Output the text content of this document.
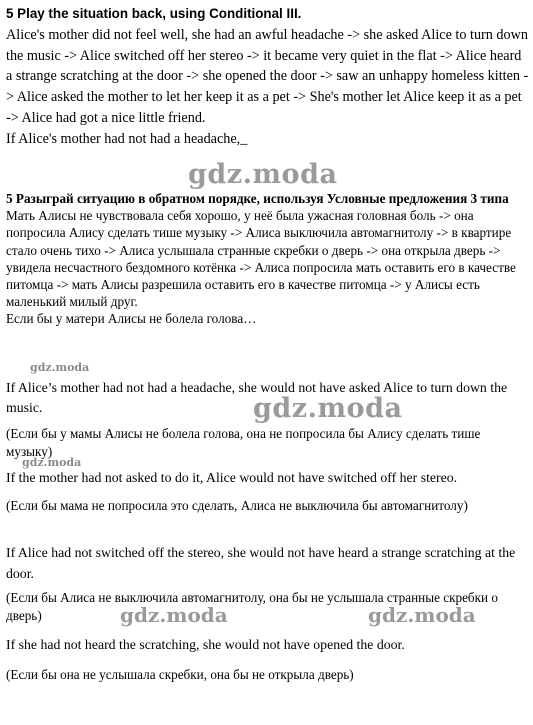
5 Play the situation back, using Conditional III.
Alice's mother did not feel well, she had an awful headache -> she asked Alice to turn down the music -> Alice switched off her stereo -> it became very quiet in the flat -> Alice heard a strange scratching at the door -> she opened the door -> saw an unhappy homeless kitten -> Alice asked the mother to let her keep it as a pet -> She's mother let Alice keep it as a pet -> Alice had got a nice little friend.
If Alice's mother had not had a headache,_
5 Разыграй ситуацию в обратном порядке, используя Условные предложения 3 типа
Мать Алисы не чувствовала себя хорошо, у неё была ужасная головная боль -> она попросила Алису сделать тише музыку -> Алиса выключила автомагнитолу -> в квартире стало очень тихо -> Алиса услышала странные скребки о дверь -> она открыла дверь -> увидела несчастного бездомного котёнка -> Алиса попросила мать оставить его в качестве питомца -> мать Алисы разрешила оставить его в качестве питомца -> у Алисы есть маленький милый друг.
Если бы у матери Алисы не болела голова…
If Alice’s mother had not had a headache, she would not have asked Alice to turn down the music.
(Если бы у мамы Алисы не болела голова, она не попросила бы Алису сделать тише музыку)
If the mother had not asked to do it, Alice would not have switched off her stereo.
(Если бы мама не попросила это сделать, Алиса не выключила бы автомагнитолу)
If Alice had not switched off the stereo, she would not have heard a strange scratching at the door.
(Если бы Алиса не выключила автомагнитолу, она бы не услышала странные скребки о дверь)
If she had not heard the scratching, she would not have opened the door.
(Если бы она не услышала скребки, она бы не открыла дверь)
gdz.moda
gdz.moda
gdz.moda
gdz.moda
gdz.moda	gdz.moda
